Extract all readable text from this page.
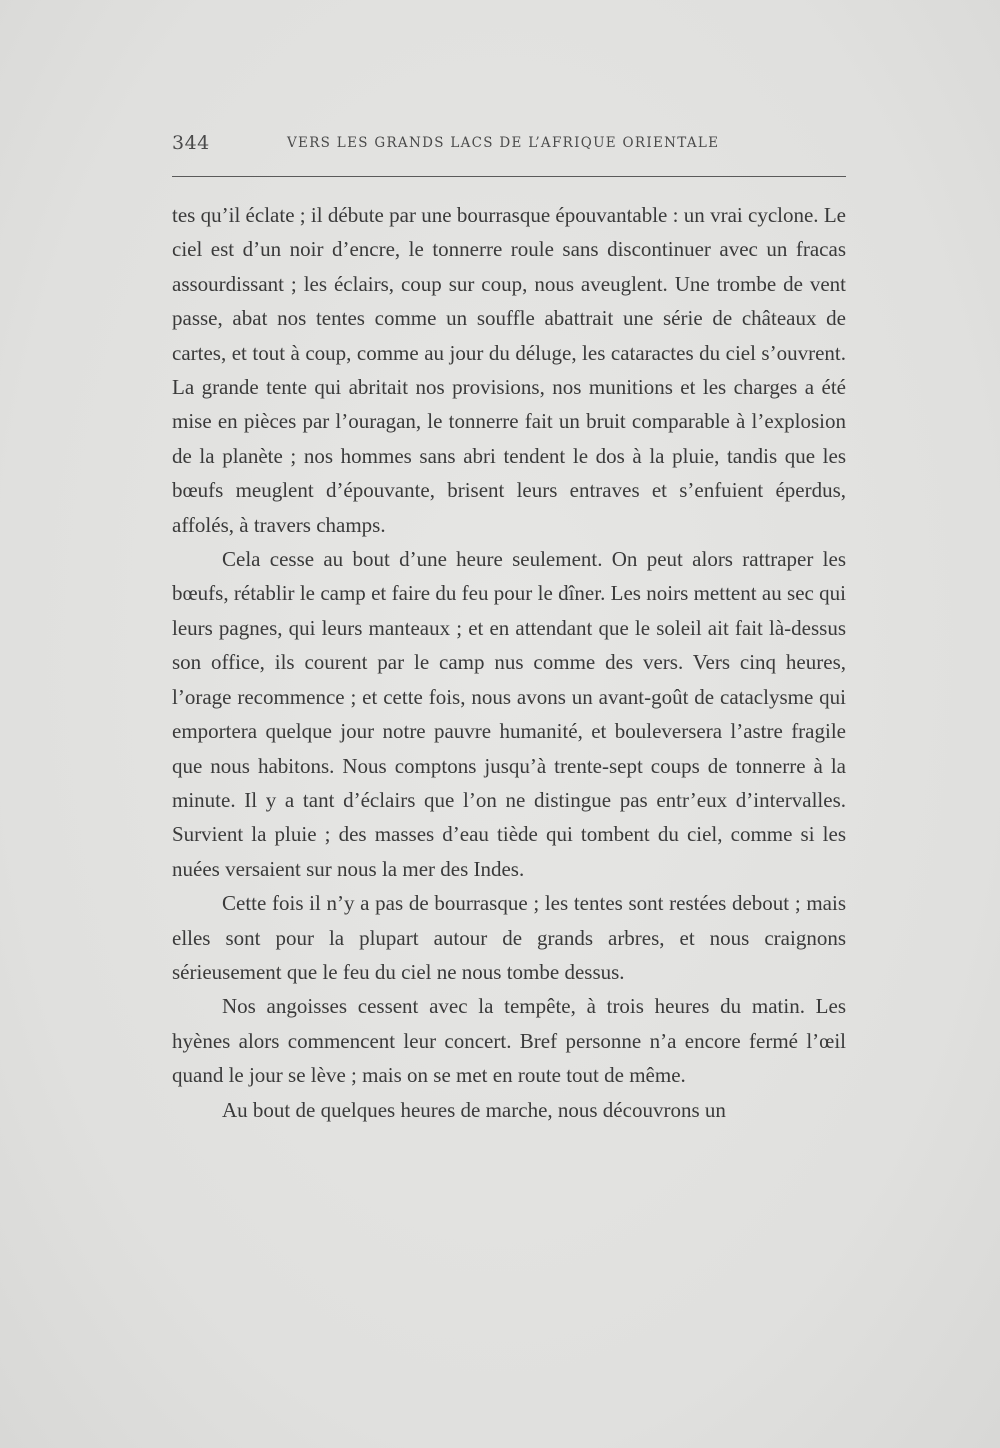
344	VERS LES GRANDS LACS DE L’AFRIQUE ORIENTALE

tes qu’il éclate ; il débute par une bourrasque épouvantable : un vrai cyclone. Le ciel est d’un noir d’encre, le tonnerre roule sans discontinuer avec un fracas assourdissant ; les éclairs, coup sur coup, nous aveuglent. Une trombe de vent passe, abat nos tentes comme un souffle abattrait une série de châteaux de cartes, et tout à coup, comme au jour du déluge, les cataractes du ciel s’ouvrent. La grande tente qui abritait nos provisions, nos munitions et les charges a été mise en pièces par l’ouragan, le tonnerre fait un bruit comparable à l’explosion de la planète ; nos hommes sans abri tendent le dos à la pluie, tandis que les bœufs meuglent d’épouvante, brisent leurs entraves et s’enfuient éperdus, affolés, à travers champs.

Cela cesse au bout d’une heure seulement. On peut alors rattraper les bœufs, rétablir le camp et faire du feu pour le dîner. Les noirs mettent au sec qui leurs pagnes, qui leurs manteaux ; et en attendant que le soleil ait fait là-dessus son office, ils courent par le camp nus comme des vers. Vers cinq heures, l’orage recommence ; et cette fois, nous avons un avant-goût de cataclysme qui emportera quelque jour notre pauvre humanité, et bouleversera l’astre fragile que nous habitons. Nous comptons jusqu’à trente-sept coups de tonnerre à la minute. Il y a tant d’éclairs que l’on ne distingue pas entr’eux d’intervalles. Survient la pluie ; des masses d’eau tiède qui tombent du ciel, comme si les nuées versaient sur nous la mer des Indes.

Cette fois il n’y a pas de bourrasque ; les tentes sont restées debout ; mais elles sont pour la plupart autour de grands arbres, et nous craignons sérieusement que le feu du ciel ne nous tombe dessus.

Nos angoisses cessent avec la tempête, à trois heures du matin. Les hyènes alors commencent leur concert. Bref personne n’a encore fermé l’œil quand le jour se lève ; mais on se met en route tout de même.

Au bout de quelques heures de marche, nous découvrons un
